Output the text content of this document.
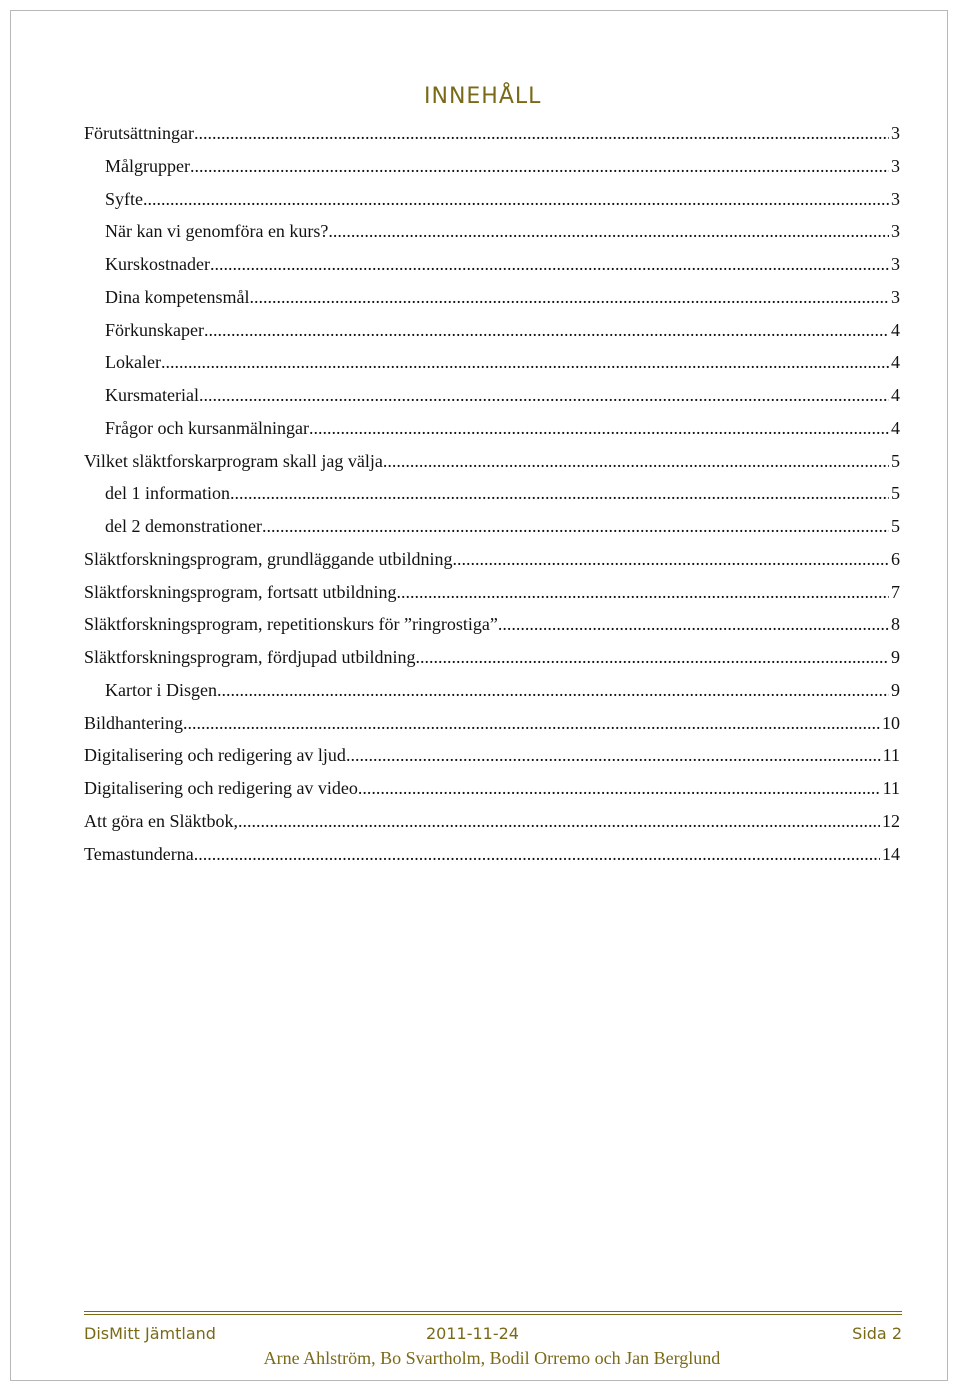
INNEHÅLL
Förutsättningar .....	3
Målgrupper .....	3
Syfte .....	3
När kan vi genomföra en kurs? .....	3
Kurskostnader .....	3
Dina kompetensmål .....	3
Förkunskaper .....	4
Lokaler .....	4
Kursmaterial .....	4
Frågor och kursanmälningar .....	4
Vilket släktforskarprogram skall jag välja. .....	5
del 1 information .....	5
del 2 demonstrationer .....	5
Släktforskningsprogram, grundläggande utbildning .....	6
Släktforskningsprogram, fortsatt utbildning .....	7
Släktforskningsprogram, repetitionskurs för ”ringrostiga” .....	8
Släktforskningsprogram, fördjupad utbildning .....	9
Kartor i Disgen .....	9
Bildhantering .....	10
Digitalisering och redigering av ljud .....	11
Digitalisering och redigering av video .....	11
Att göra en Släktbok, .....	12
Temastunderna .....	14
DisMitt Jämtland	2011-11-24	Sida 2
Arne Ahlström, Bo Svartholm, Bodil Orremo och Jan Berglund
